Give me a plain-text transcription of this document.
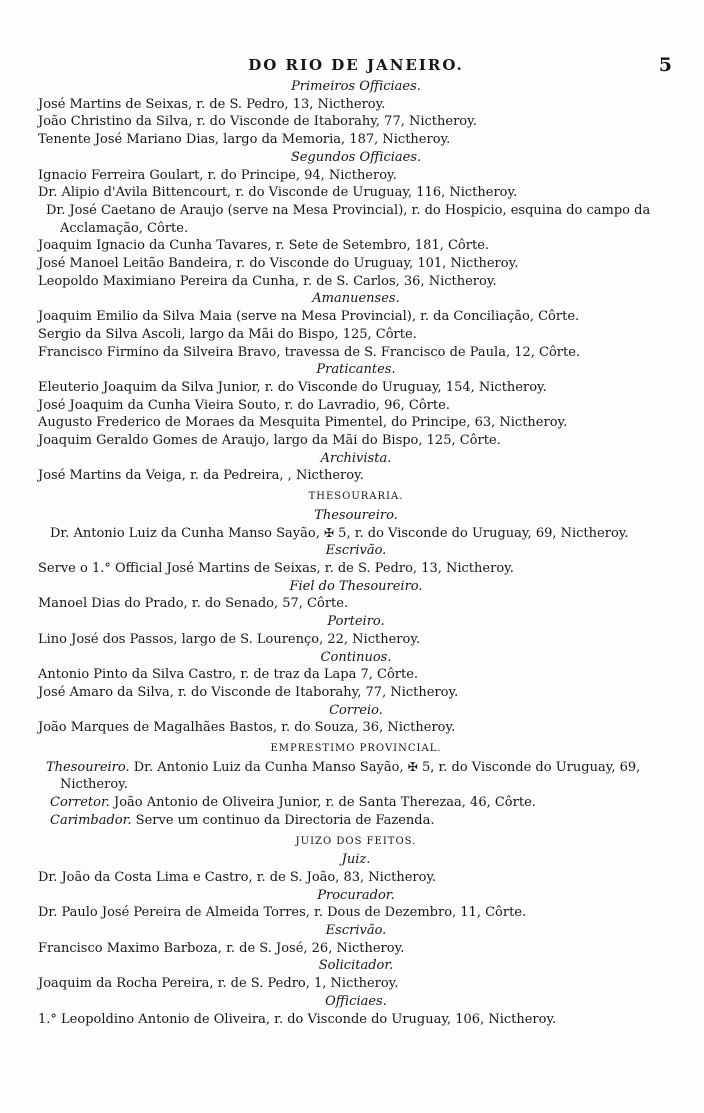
DO RIO DE JANEIRO.	5
Primeiros Officiaes.
José Martins de Seixas, r. de S. Pedro, 13, Nictheroy.
João Christino da Silva, r. do Visconde de Itaborahy, 77, Nictheroy.
Tenente José Mariano Dias, largo da Memoria, 187, Nictheroy.
Segundos Officiaes.
Ignacio Ferreira Goulart, r. do Principe, 94, Nictheroy.
Dr. Alipio d'Avila Bittencourt, r. do Visconde de Uruguay, 116, Nictheroy.
Dr. José Caetano de Araujo (serve na Mesa Provincial), r. do Hospicio, esquina do campo da Acclamação, Côrte.
Joaquim Ignacio da Cunha Tavares, r. Sete de Setembro, 181, Côrte.
José Manoel Leitão Bandeira, r. do Visconde do Uruguay, 101, Nictheroy.
Leopoldo Maximiano Pereira da Cunha, r. de S. Carlos, 36, Nictheroy.
Amanuenses.
Joaquim Emilio da Silva Maia (serve na Mesa Provincial), r. da Conciliação, Côrte.
Sergio da Silva Ascoli, largo da Mãi do Bispo, 125, Côrte.
Francisco Firmino da Silveira Bravo, travessa de S. Francisco de Paula, 12, Côrte.
Praticantes.
Eleuterio Joaquim da Silva Junior, r. do Visconde do Uruguay, 154, Nictheroy.
José Joaquim da Cunha Vieira Souto, r. do Lavradio, 96, Côrte.
Augusto Frederico de Moraes da Mesquita Pimentel, do Principe, 63, Nictheroy.
Joaquim Geraldo Gomes de Araujo, largo da Mãi do Bispo, 125, Côrte.
Archivista.
José Martins da Veiga, r. da Pedreira, , Nictheroy.
THESOURARIA.
Thesoureiro.
Dr. Antonio Luiz da Cunha Manso Sayão, ✠ 5, r. do Visconde do Uruguay, 69, Nictheroy.
Escrivão.
Serve o 1.° Official José Martins de Seixas, r. de S. Pedro, 13, Nictheroy.
Fiel do Thesoureiro.
Manoel Dias do Prado, r. do Senado, 57, Côrte.
Porteiro.
Lino José dos Passos, largo de S. Lourenço, 22, Nictheroy.
Continuos.
Antonio Pinto da Silva Castro, r. de traz da Lapa 7, Côrte.
José Amaro da Silva, r. do Visconde de Itaborahy, 77, Nictheroy.
Correio.
João Marques de Magalhães Bastos, r. do Souza, 36, Nictheroy.
EMPRESTIMO PROVINCIAL.
Thesoureiro. Dr. Antonio Luiz da Cunha Manso Sayão, ✠ 5, r. do Visconde do Uruguay, 69, Nictheroy.
Corretor. João Antonio de Oliveira Junior, r. de Santa Therezaa, 46, Côrte.
Carimbador. Serve um continuo da Directoria de Fazenda.
JUIZO DOS FEITOS.
Juiz.
Dr. João da Costa Lima e Castro, r. de S. João, 83, Nictheroy.
Procurador.
Dr. Paulo José Pereira de Almeida Torres, r. Dous de Dezembro, 11, Côrte.
Escrivão.
Francisco Maximo Barboza, r. de S. José, 26, Nictheroy.
Solicitador.
Joaquim da Rocha Pereira, r. de S. Pedro, 1, Nictheroy.
Officiaes.
1.° Leopoldino Antonio de Oliveira, r. do Visconde do Uruguay, 106, Nictheroy.
